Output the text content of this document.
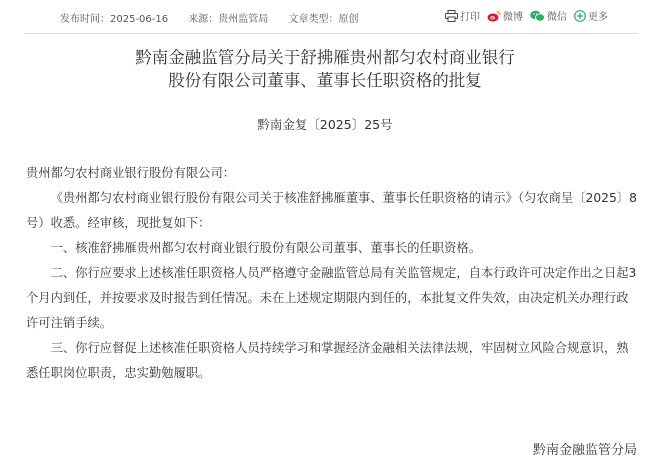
发布时间：2025-06-16 来源：贵州监管局 文章类型：原创	打印 微博 微信 更多
黔南金融监管分局关于舒拂雁贵州都匀农村商业银行
股份有限公司董事、董事长任职资格的批复
黔南金复〔2025〕25号

贵州都匀农村商业银行股份有限公司：

《贵州都匀农村商业银行股份有限公司关于核准舒拂雁董事、董事长任职资格的请示》（匀农商呈〔2025〕8号）收悉。经审核，现批复如下：

一、核准舒拂雁贵州都匀农村商业银行股份有限公司董事、董事长的任职资格。

二、你行应要求上述核准任职资格人员严格遵守金融监管总局有关监管规定，自本行政许可决定作出之日起3个月内到任，并按要求及时报告到任情况。未在上述规定期限内到任的，本批复文件失效，由决定机关办理行政许可注销手续。

三、你行应督促上述核准任职资格人员持续学习和掌握经济金融相关法律法规，牢固树立风险合规意识，熟悉任职岗位职责，忠实勤勉履职。

黔南金融监管分局
